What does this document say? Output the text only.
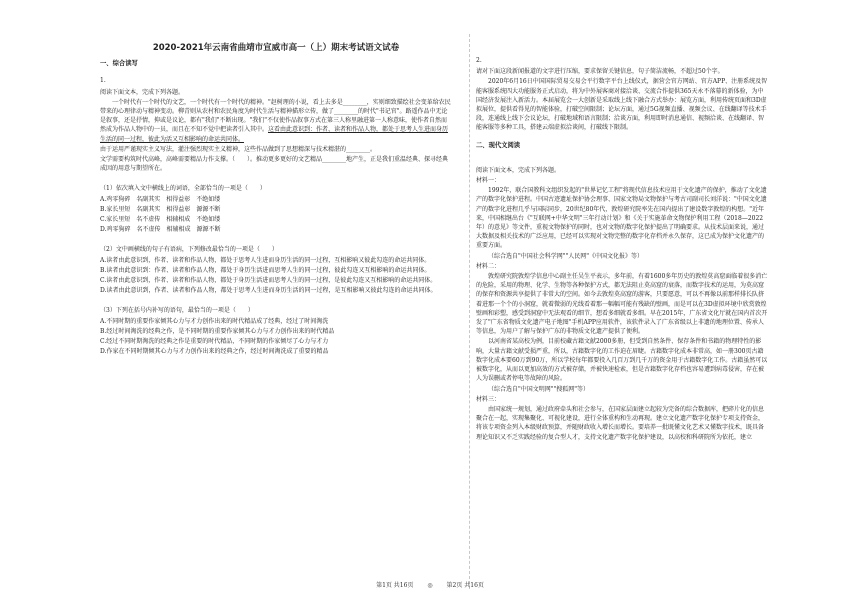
2020-2021年云南省曲靖市宣威市高一（上）期末考试语文试卷
一、综合读写
1.

阅读下面文本，完成下列各题。

一个时代有一个时代的文艺，一个时代有一个时代的精神。"赵树理的小说，看上去多是________，实则细致描绘社会变革给农民带来的心理律动与精神变动。柳青则从农村和农民角度为时代生活与精神描形立传，做了________的时代"书记官"。路遥作品中无论是叙事，还是抒情，抑或是议论，都有"我们"不断出现。"我们"不仅使作品叙事方式在第三人称里融进第一人称意味，使作者自然而然成为作品人物中的一员，而且在不知不觉中把读者引入其中。这看由此意识到：作者、读者和作品人物，都处于思考人生进而身历生活的同一过程，彼此为活又互相影响的命运共同体。

由于运用严谨现实主义写法，灌注强烈现实主义精神，这些作品做到了思想精深与技术精湛的________。

文学需要构筑时代高峰，高峰需要精品力作支撑。（　　）。推动更多更好的文艺精品________地产生，正是我们重温经典、探寻经典成因的用意与期望所在。

（1）依次填入文中横线上的词语，全部恰当的一项是（　　）

A.鸡零狗碎　名副其实　相得益彰　不绝如缕

B.家长里短　名副其实　相得益彰　源源不断

C.家长里短　名不虚传　相辅相成　不绝如缕

D.鸡零狗碎　名不虚传　相辅相成　源源不断

（2）文中画横线的句子有语病，下列修改最恰当的一项是（　　）

A.读者由此意识到，作者、读者和作品人物，都处于思考人生进而身历生活的同一过程，互相影响又彼此勾连的命运共同体。

B.读者由此意识到：作者、读者和作品人物，都处于身历生活进而思考人生的同一过程，彼此勾连又互相影响的命运共同体。

C.读者由此意识到，作者、读者和作品人物，都处于身历生活进而思考人生的同一过程，是彼此勾连又互相影响的命运共同体。

D.读者由此意识到，作者、读者和作品人物，都处于思考人生进而身历生活的同一过程，是互相影响又彼此勾连的命运共同体。

（3）下列在括号内补写的语句，最恰当的一项是（　　）

A.不同时期的重要作家倾其心力与才力创作出来的时代精品成了经典，经过了时间淘洗

B.经过时间淘洗的经典之作，是不同时期的重要作家倾其心力与才力创作出来的时代精品

C.经过不同时期淘洗的经典之作是重要的时代精品，不同时期的作家倾尽了心力与才力

D.作家在不同时期倾其心力与才力创作出来的经典之作，经过时间淘洗成了重要的精品

2.

请对下面这段新闻报道的文字进行压缩，要求保留关键信息，句子简洁流畅，不超过50个字。

2020年6月16日中国国际贸易交易会平行数字平台上线仪式，据营会官方网站、官方APP、注册系统及智能客服系统四大功能服务正式启动，将为中外展客商对接洽谈、交流合作提供365天永不落幕的新体验，为中国经济发展注入新活力。本届展览会一大创新是采取线上线下融合方式举办：展览方面，利用传统页面和3D虚拟展位，提供看得见的智能体验，打破空间限制；论坛方面，通过5G视频直播、视频会议、在线翻译等技术手段，连通线上线下会议论坛，打破地域和语言限制；洽谈方面，利用即时消息通信、视频洽谈、在线翻译、智能客服等多种工具，搭建云端虚拟洽谈间，打破线下限制。

二、现代文阅读

阅读下面文本，完成下列各题。

材料一：

1992年，联合国教科文组织发起的"世界记忆工程"将现代信息技术应用于文化遗产的保护，推动了文化遗产的数字化保护进程。中国古迹遗址保护协会理事、国家文物局文物保护与考古司副司长刘洋说："中国文化遗产的数字化进程几乎与国际同步，20世纪80年代，敦煌研究院率先在国内提出了建设数字敦煌的构想。"近年来，中国相继出台《"互联网+中华文明"三年行动计划》和《关于实施革命文物保护利用工程（2018—2022年）的意见》等文件，重视文物保护的同时，也对文物的数字化保护提出了明确要求。从技术层面来说，通过大数据及相关技术的广泛应用，已经可以实现对文物完整的数字化存档并永久保存，这已成为保护文化遗产的重要方面。

（综合选自"中国社会科学网""人民网"《中国文化报》等）

材料二：

敦煌研究院敦煌学信息中心副主任吴生平表示，多年前，有着1600多年历史的敦煌莫高窟面临着很多消亡的危险，采用的物理、化学、生物等各种保护方式，都无法阻止莫高窟的衰落，而数字技术的运用，为莫高窟的保存和资源共享提供了非常大的空间。如今去敦煌莫高窟的游客，只要愿意，可以不再像以前那样排长队挤着进那一个个的小洞窟，就着微弱的光线看着那一幅幅可能有残缺的壁画，而是可以在3D虚拟环境中欣赏敦煌壁画和彩塑，感受到洞窟中无法观看的细节，想看多细就看多细。早在2015年，广东省文化厅就在国内首次开发了"广东省物质文化遗产电子地图"手机APP应用软件，该软件录入了广东省级以上非遗的地理位置、传承人等信息，为用户了解与保护广东的非物质文化遗产提供了便利。

以河南省某高校为例，目前校藏古籍文献2000多册，但受到自然条件、保存条件和书籍的物理特性的影响，大量古籍文献受损严重，所以，古籍数字化的工作迫在眉睫。古籍数字化成本非常高，如一册300页古籍数字化成本要60万到90万，所以学校每年都要投入几百万到几千万的资金用于古籍数字化工作。古籍虽然可以被数字化，从而以更加高效的方式被存储，并被快速检索，但是古籍数字化存档也容易遭到病毒侵害，存在被人为误删或者停电等故障的风险。

（综合选自"中国文明网""搜狐网"等）

材料三：

由国家统一规划，通过政府牵头和社会参与，在国家层面建立起较为完备的综合数据库，把碎片化的信息聚合在一起，实现集聚化、可视化建设，进行全体重构和生动再现。建立文化遗产数字化保护专项支持资金，将该专项资金列入本级财政预算，并随财政收入增长而增长。要培养一批既懂文化艺术又懂数字技术，既具备理论知识又不乏实践经验的复合型人才，支持文化遗产数字化保护建设，以高校和科研院所为依托，建立

第1页 共16页 ◎ 第2页 共16页
